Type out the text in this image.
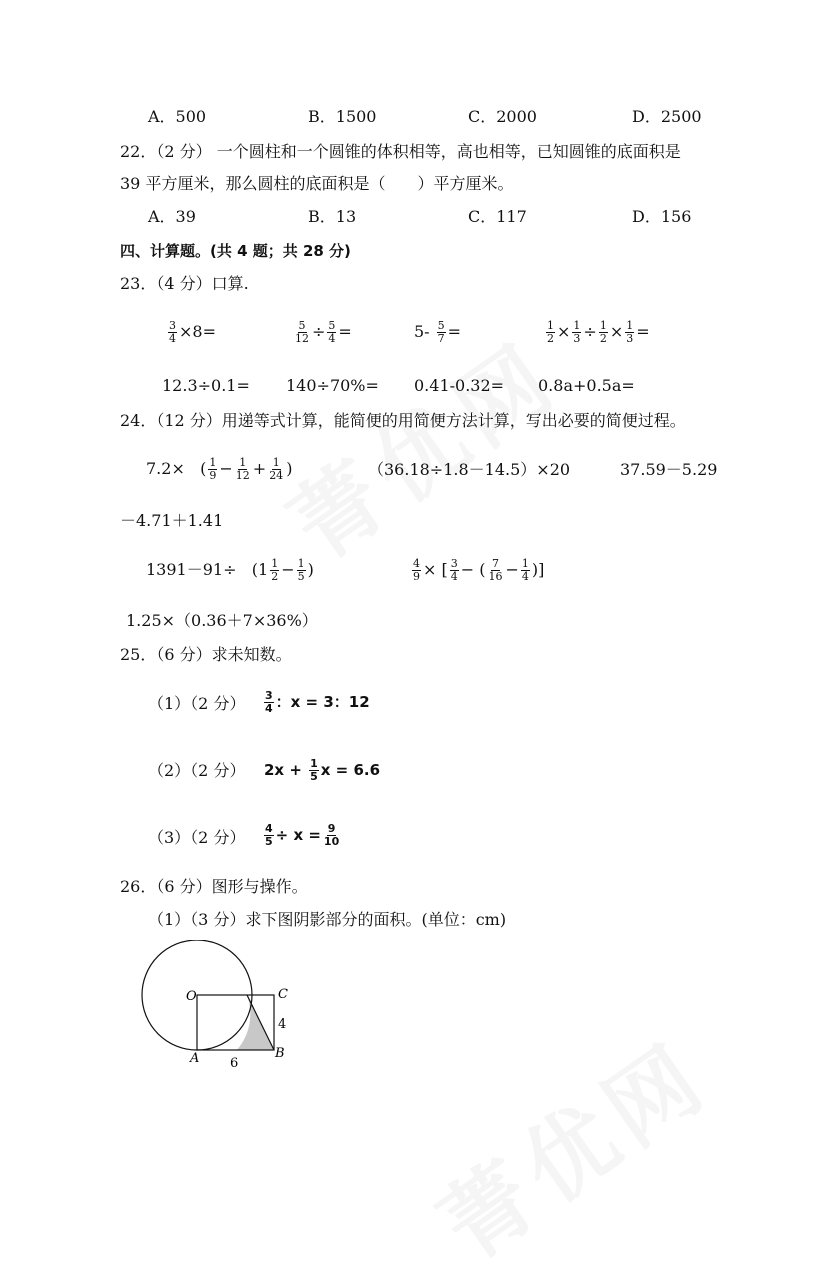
A．500	B．1500	C．2000	D．2500
22．（2 分） 一个圆柱和一个圆锥的体积相等，高也相等，已知圆锥的底面积是
39 平方厘米，那么圆柱的底面积是（　　）平方厘米。
A．39	B．13	C．117	D．156
四、计算题。(共 4 题；共 28 分)
23．（4 分）口算.
$\frac{3}{4} \times 8=$	$\frac{5}{12} \div \frac{5}{4}$ =	$5- \frac{5}{7}$ =	$\frac{1}{2} \times \frac{1}{3} \div \frac{1}{2} \times \frac{1}{3}$ =
12.3÷0.1= 140÷70%= 0.41-0.32= 0.8a+0.5a=
24．（12 分）用递等式计算，能简便的用简便方法计算，写出必要的简便过程。
7.2× ( $\frac{1}{9} - \frac{1}{12} + \frac{1}{24}$ )	（36.18÷1.8－14.5）×20	37.59－5.29
－4.71＋1.41
$1391-91\div (1 \frac{1}{2} - \frac{1}{5}$ )	$\frac{4}{9}$ × [ $\frac{3}{4}$ − ( $\frac{7}{16} - \frac{1}{4}$ )]
1.25×（0.36＋7×36%）
25．（6 分）求未知数。
（1）（2 分） $\frac{3}{4}$ ：x = 3：12
（2）（2 分） $2x + \frac{1}{5}$ x = 6.6
（3）（2 分） $\frac{4}{5} \div x = \frac{9}{10}$
26．（6 分）图形与操作。
（1）（3 分）求下图阴影部分的面积。(单位：cm)
O	C
4
A	B
6
